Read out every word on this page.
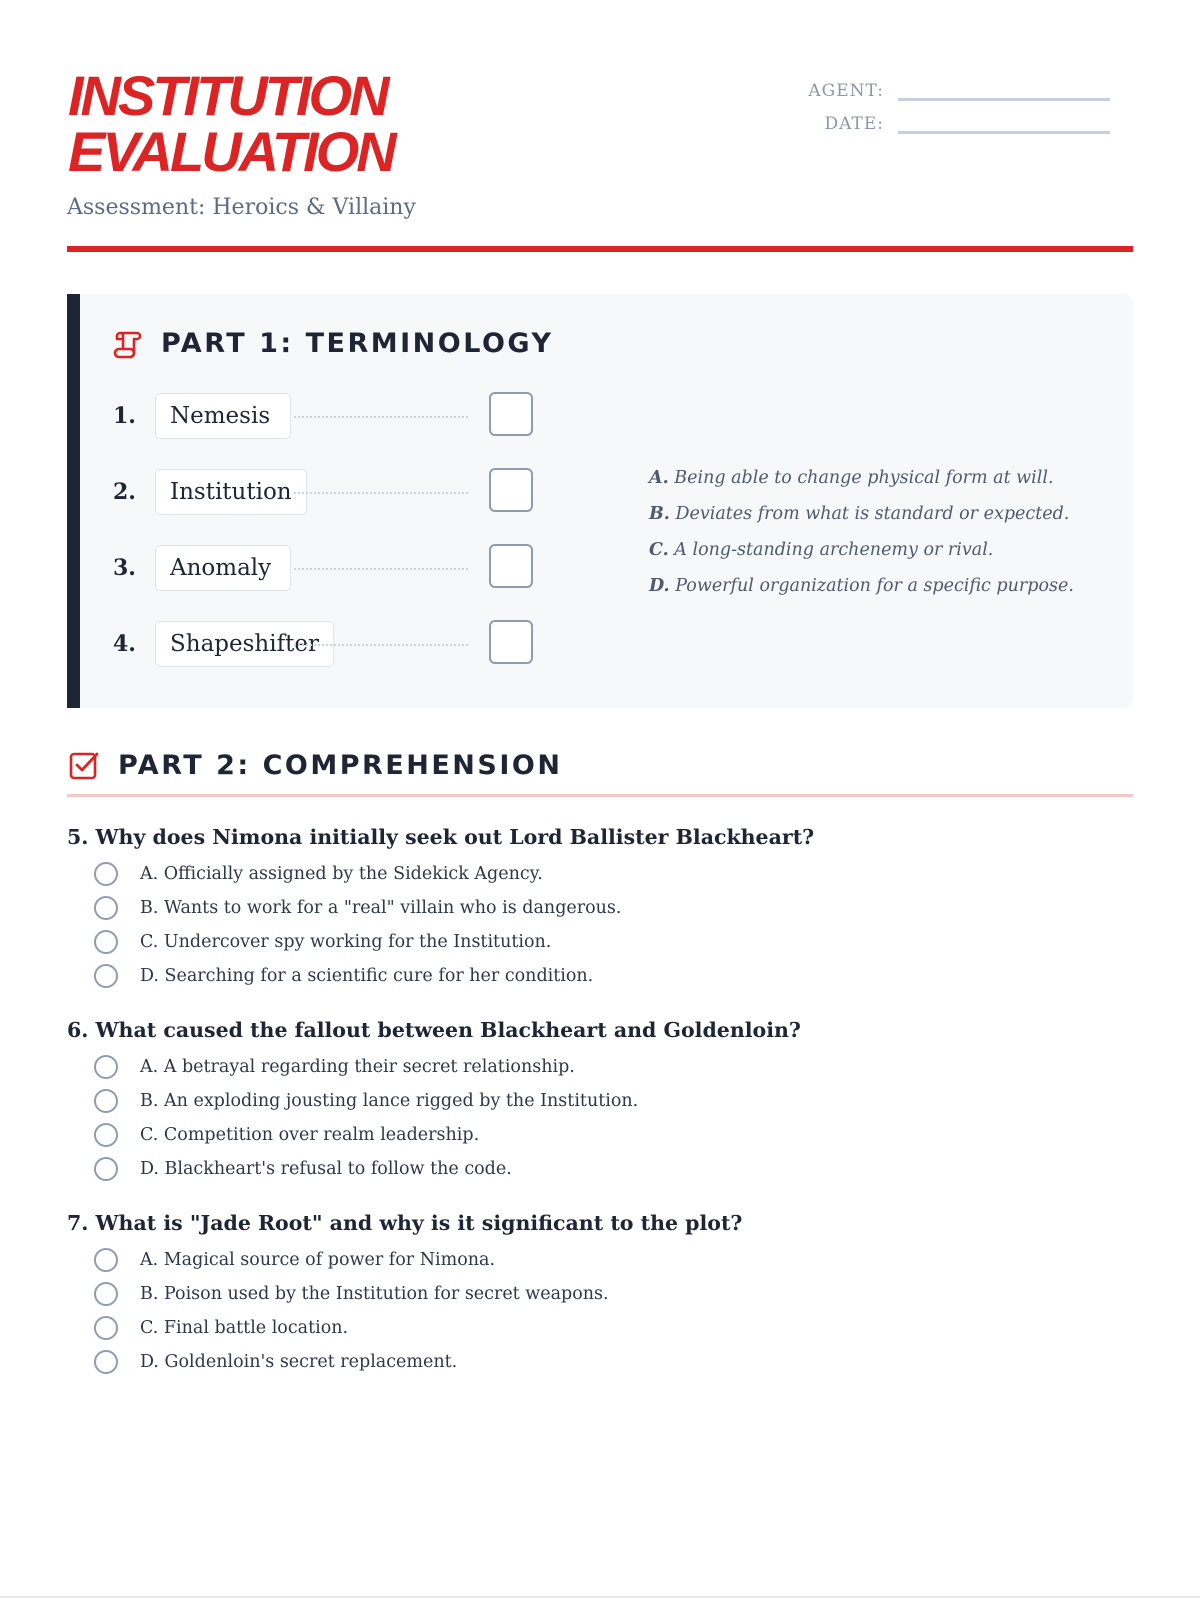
INSTITUTION
EVALUATION
Assessment: Heroics & Villainy
AGENT:
DATE:
PART 1: TERMINOLOGY
1.	Nemesis
2.	Institution
3.	Anomaly
4.	Shapeshifter
A. Being able to change physical form at will.
B. Deviates from what is standard or expected.
C. A long-standing archenemy or rival.
D. Powerful organization for a specific purpose.
PART 2: COMPREHENSION
5. Why does Nimona initially seek out Lord Ballister Blackheart?
A. Officially assigned by the Sidekick Agency.
B. Wants to work for a "real" villain who is dangerous.
C. Undercover spy working for the Institution.
D. Searching for a scientific cure for her condition.
6. What caused the fallout between Blackheart and Goldenloin?
A. A betrayal regarding their secret relationship.
B. An exploding jousting lance rigged by the Institution.
C. Competition over realm leadership.
D. Blackheart's refusal to follow the code.
7. What is "Jade Root" and why is it significant to the plot?
A. Magical source of power for Nimona.
B. Poison used by the Institution for secret weapons.
C. Final battle location.
D. Goldenloin's secret replacement.
